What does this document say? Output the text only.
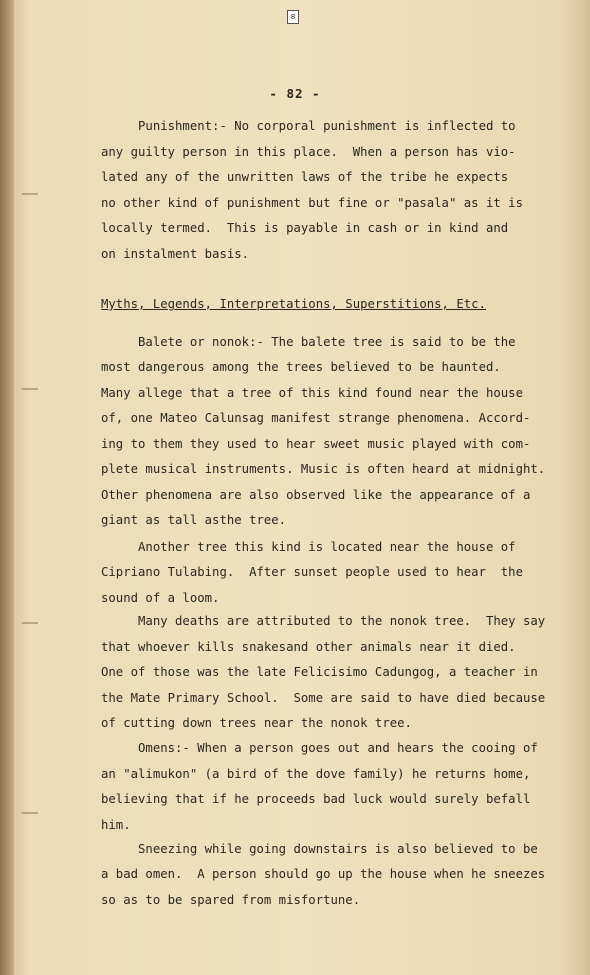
8
- 82 -
Punishment:- No corporal punishment is inflected to
any guilty person in this place.  When a person has vio-
lated any of the unwritten laws of the tribe he expects
no other kind of punishment but fine or "pasala" as it is
locally termed.  This is payable in cash or in kind and
on instalment basis.
Myths, Legends, Interpretations, Superstitions, Etc.
Balete or nonok:- The balete tree is said to be the
most dangerous among the trees believed to be haunted.
Many allege that a tree of this kind found near the house
of, one Mateo Calunsag manifest strange phenomena. Accord-
ing to them they used to hear sweet music played with com-
plete musical instruments. Music is often heard at midnight.
Other phenomena are also observed like the appearance of a
giant as tall asthe tree.
Another tree this kind is located near the house of
Cipriano Tulabing.  After sunset people used to hear  the
sound of a loom.
Many deaths are attributed to the nonok tree.  They say
that whoever kills snakesand other animals near it died.
One of those was the late Felicisimo Cadungog, a teacher in
the Mate Primary School.  Some are said to have died because
of cutting down trees near the nonok tree.
Omens:- When a person goes out and hears the cooing of
an "alimukon" (a bird of the dove family) he returns home,
believing that if he proceeds bad luck would surely befall
him.
Sneezing while going downstairs is also believed to be
a bad omen.  A person should go up the house when he sneezes
so as to be spared from misfortune.
